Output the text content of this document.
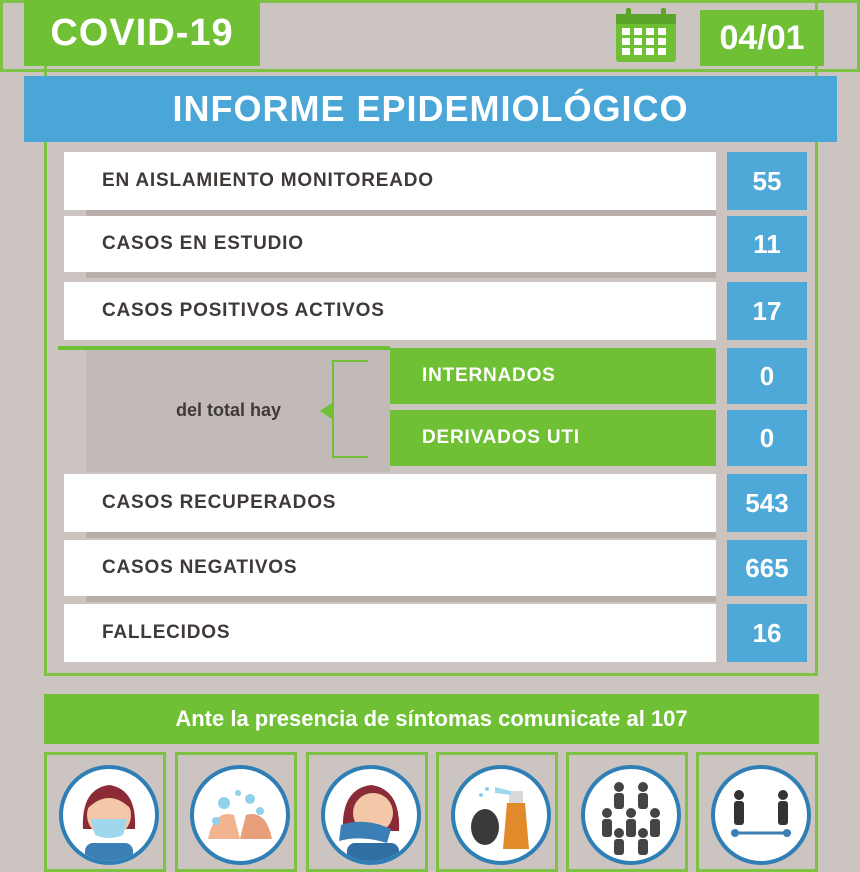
COVID-19	04/01
INFORME EPIDEMIOLÓGICO
EN AISLAMIENTO MONITOREADO	55
CASOS EN ESTUDIO	11
CASOS POSITIVOS ACTIVOS	17
del total hay
INTERNADOS	0
DERIVADOS UTI	0
CASOS RECUPERADOS	543
CASOS NEGATIVOS	665
FALLECIDOS	16
Ante la presencia de síntomas comunicate al 107
